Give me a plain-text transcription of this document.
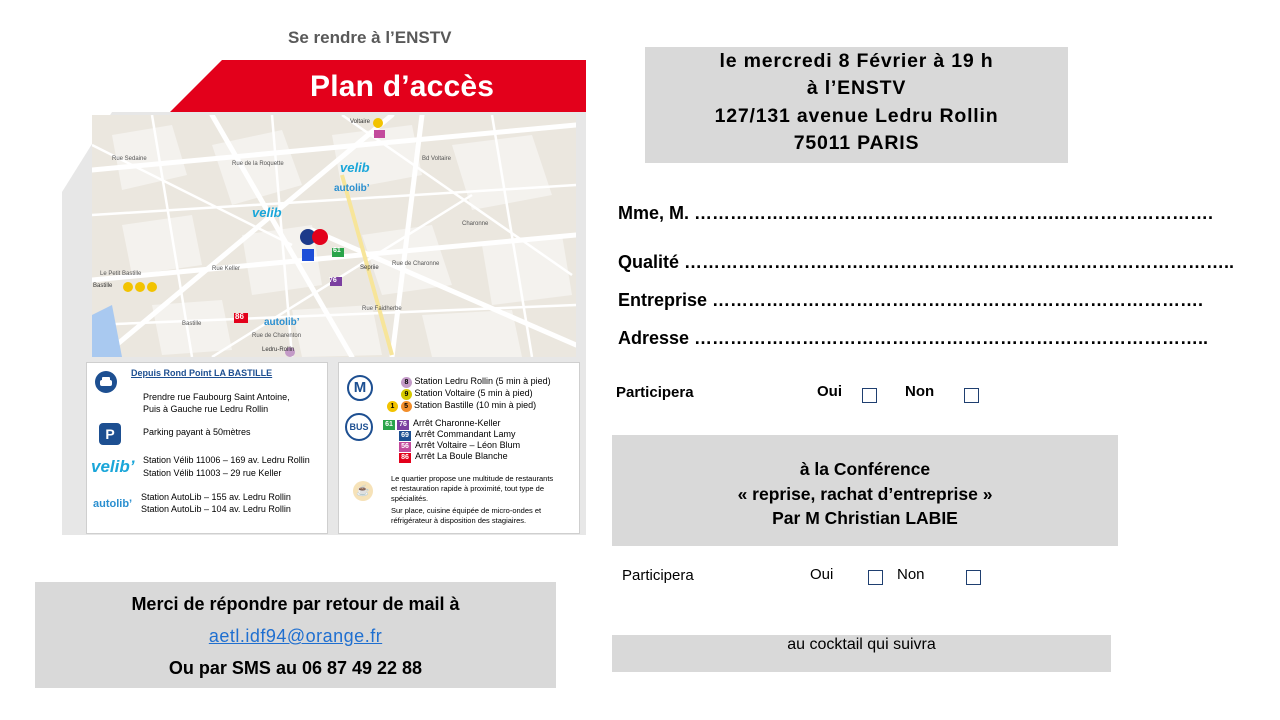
Se rendre à l’ENSTV
Plan d’accès
Rue Sedaine
Rue de la Roquette
Bd Voltaire
Charonne
Rue Keller
Rue de Charonne
Rue Faidherbe
Le Petit Bastille
Bastille
Rue de Charenton
Voltaire
velib
autolib’
velib
autolib’
Sepriie
Ledru-Rollin
Bastille
76
61
86
Depuis Rond Point LA BASTILLE
Prendre rue Faubourg Saint Antoine,
Puis à Gauche rue Ledru Rollin
P	Parking payant à 50mètres
velib’ Station Vélib 11006 – 169 av. Ledru Rollin
Station Vélib 11003 – 29 rue Keller
autolib’
Station AutoLib – 155 av. Ledru Rollin
Station AutoLib – 104 av. Ledru Rollin
M	8 Station Ledru Rollin (5 min à pied)
9 Station Voltaire (5 min à pied)
1 5 Station Bastille (10 min à pied)
BUS	61 76 Arrêt Charonne-Keller
69 Arrêt Commandant Lamy
56 Arrêt Voltaire – Léon Blum
86 Arrêt La Boule Blanche
☕
Le quartier propose une multitude de restaurants
et restauration rapide à proximité, tout type de
spécialités.
Sur place, cuisine équipée de micro-ondes et
réfrigérateur à disposition des stagiaires.
Merci de répondre par retour de mail à
aetl.idf94@orange.fr
Ou par SMS au 06 87 49 22 88
le mercredi 8 Février à 19 h
à l’ENSTV
127/131 avenue Ledru Rollin
75011 PARIS
Mme, M. ……………………………………………………..…………………….
Qualité ………………………………………………………………………………..
Entreprise ……………………………………………………………………….
Adresse …………………………………………………………………………..
Participera	Oui	Non
à la Conférence
« reprise, rachat d’entreprise »
Par M Christian LABIE
Participera	Oui	Non
au cocktail qui suivra
